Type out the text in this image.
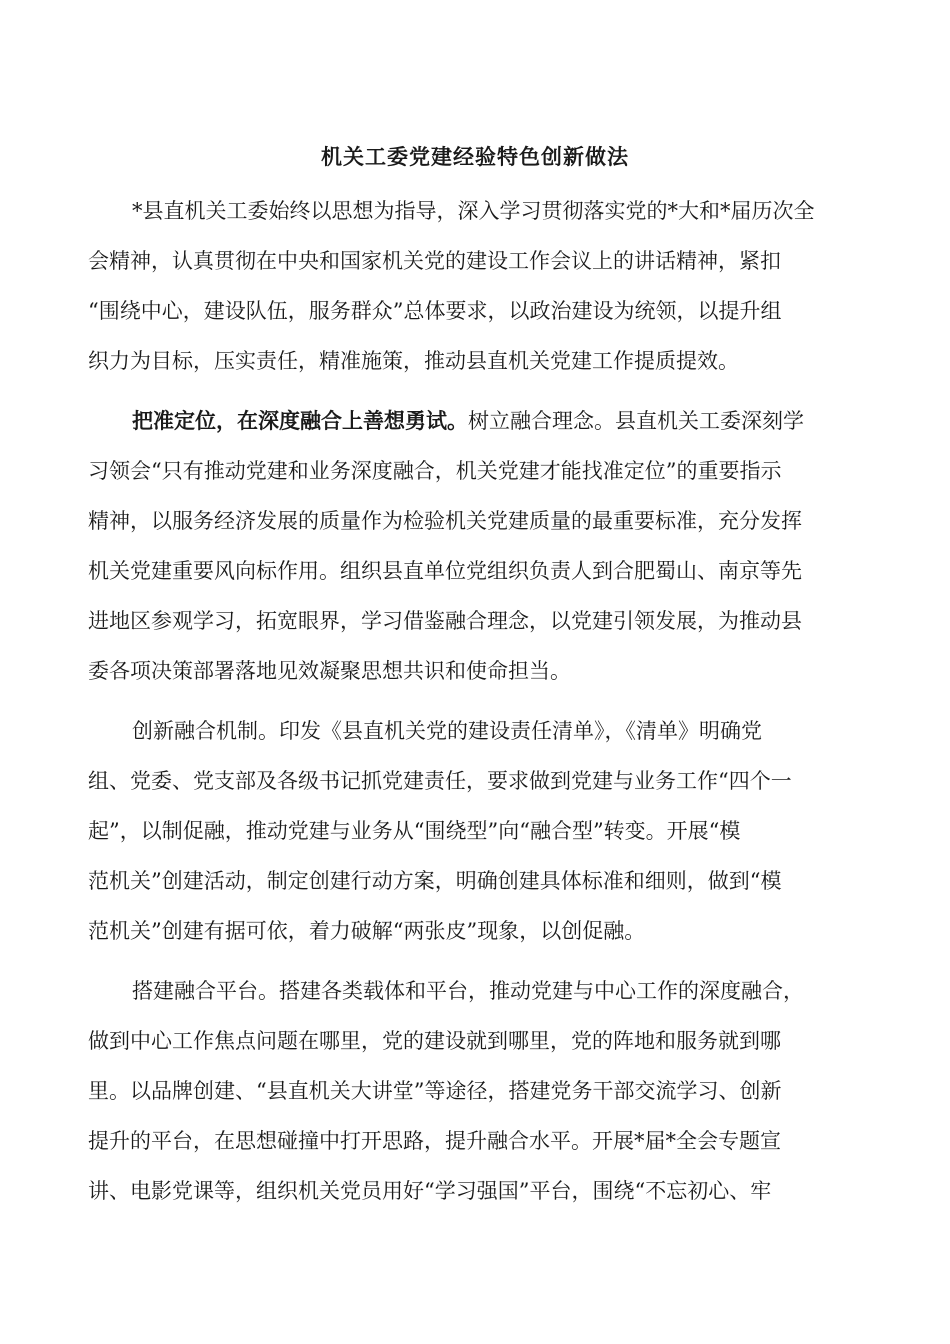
机关工委党建经验特色创新做法
*县直机关工委始终以思想为指导，深入学习贯彻落实党的*大和*届历次全
会精神，认真贯彻在中央和国家机关党的建设工作会议上的讲话精神，紧扣
“围绕中心，建设队伍，服务群众”总体要求，以政治建设为统领，以提升组
织力为目标，压实责任，精准施策，推动县直机关党建工作提质提效。
把准定位，在深度融合上善想勇试。树立融合理念。县直机关工委深刻学
习领会“只有推动党建和业务深度融合，机关党建才能找准定位”的重要指示
精神，以服务经济发展的质量作为检验机关党建质量的最重要标准，充分发挥
机关党建重要风向标作用。组织县直单位党组织负责人到合肥蜀山、南京等先
进地区参观学习，拓宽眼界，学习借鉴融合理念，以党建引领发展，为推动县
委各项决策部署落地见效凝聚思想共识和使命担当。
创新融合机制。印发《县直机关党的建设责任清单》，《清单》明确党
组、党委、党支部及各级书记抓党建责任，要求做到党建与业务工作“四个一
起”，以制促融，推动党建与业务从“围绕型”向“融合型”转变。开展“模
范机关”创建活动，制定创建行动方案，明确创建具体标准和细则，做到“模
范机关”创建有据可依，着力破解“两张皮”现象，以创促融。
搭建融合平台。搭建各类载体和平台，推动党建与中心工作的深度融合，
做到中心工作焦点问题在哪里，党的建设就到哪里，党的阵地和服务就到哪
里。以品牌创建、“县直机关大讲堂”等途径，搭建党务干部交流学习、创新
提升的平台，在思想碰撞中打开思路，提升融合水平。开展*届*全会专题宣
讲、电影党课等，组织机关党员用好“学习强国”平台，围绕“不忘初心、牢
